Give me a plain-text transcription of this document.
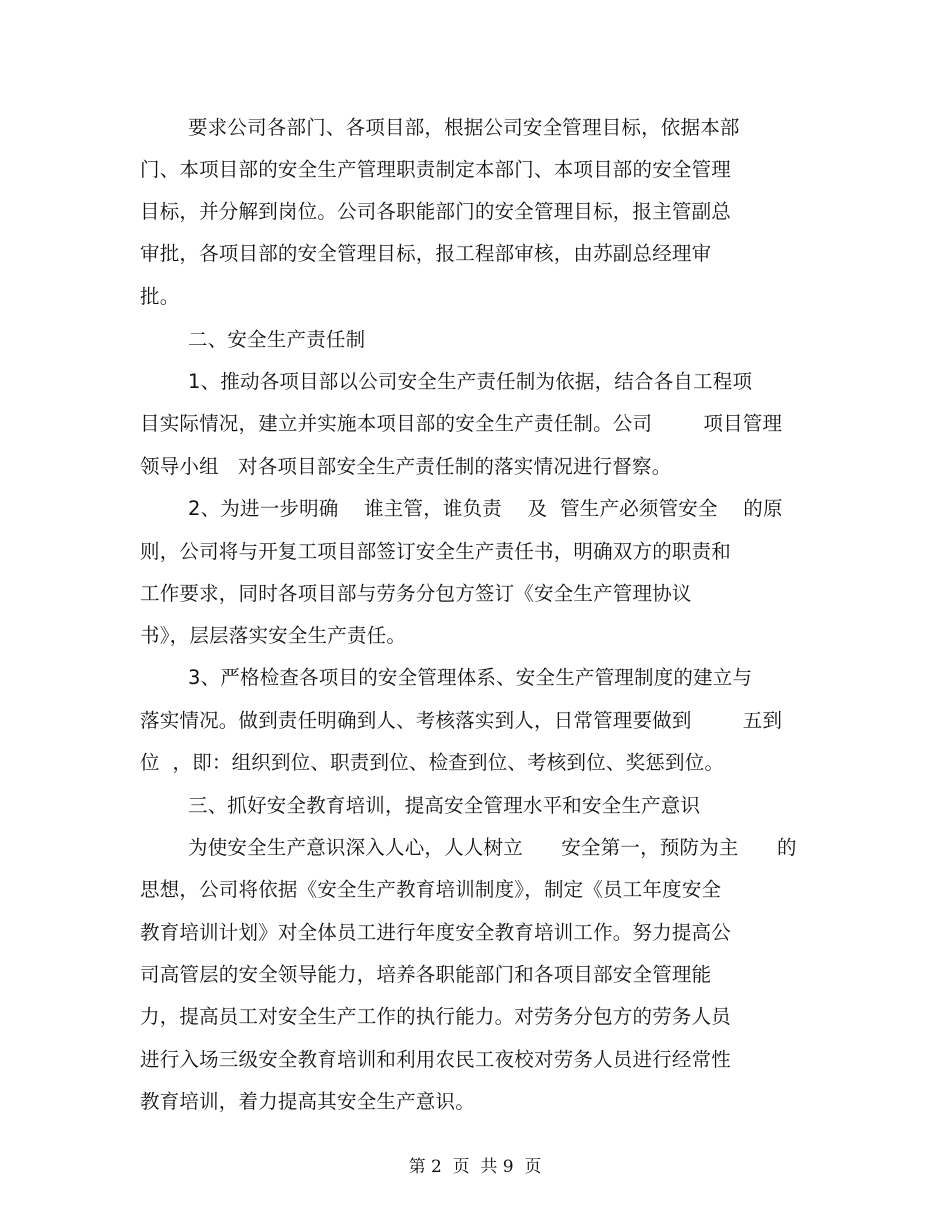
要求公司各部门、各项目部，根据公司安全管理目标，依据本部
门、本项目部的安全生产管理职责制定本部门、本项目部的安全管理
目标，并分解到岗位。公司各职能部门的安全管理目标，报主管副总
审批，各项目部的安全管理目标，报工程部审核，由苏副总经理审
批。
二、安全生产责任制
1、推动各项目部以公司安全生产责任制为依据，结合各自工程项
目实际情况，建立并实施本项目部的安全生产责任制。公司        项目管理
领导小组   对各项目部安全生产责任制的落实情况进行督察。
2、为进一步明确    谁主管，谁负责    及  管生产必须管安全    的原
则，公司将与开复工项目部签订安全生产责任书，明确双方的职责和
工作要求，同时各项目部与劳务分包方签订《安全生产管理协议
书》，层层落实安全生产责任。
3、严格检查各项目的安全管理体系、安全生产管理制度的建立与
落实情况。做到责任明确到人、考核落实到人，日常管理要做到        五到
位  ，即：组织到位、职责到位、检查到位、考核到位、奖惩到位。
三、抓好安全教育培训，提高安全管理水平和安全生产意识
为使安全生产意识深入人心，人人树立      安全第一，预防为主      的
思想，公司将依据《安全生产教育培训制度》，制定《员工年度安全
教育培训计划》对全体员工进行年度安全教育培训工作。努力提高公
司高管层的安全领导能力，培养各职能部门和各项目部安全管理能
力，提高员工对安全生产工作的执行能力。对劳务分包方的劳务人员
进行入场三级安全教育培训和利用农民工夜校对劳务人员进行经常性
教育培训，着力提高其安全生产意识。
第 2  页  共 9  页
